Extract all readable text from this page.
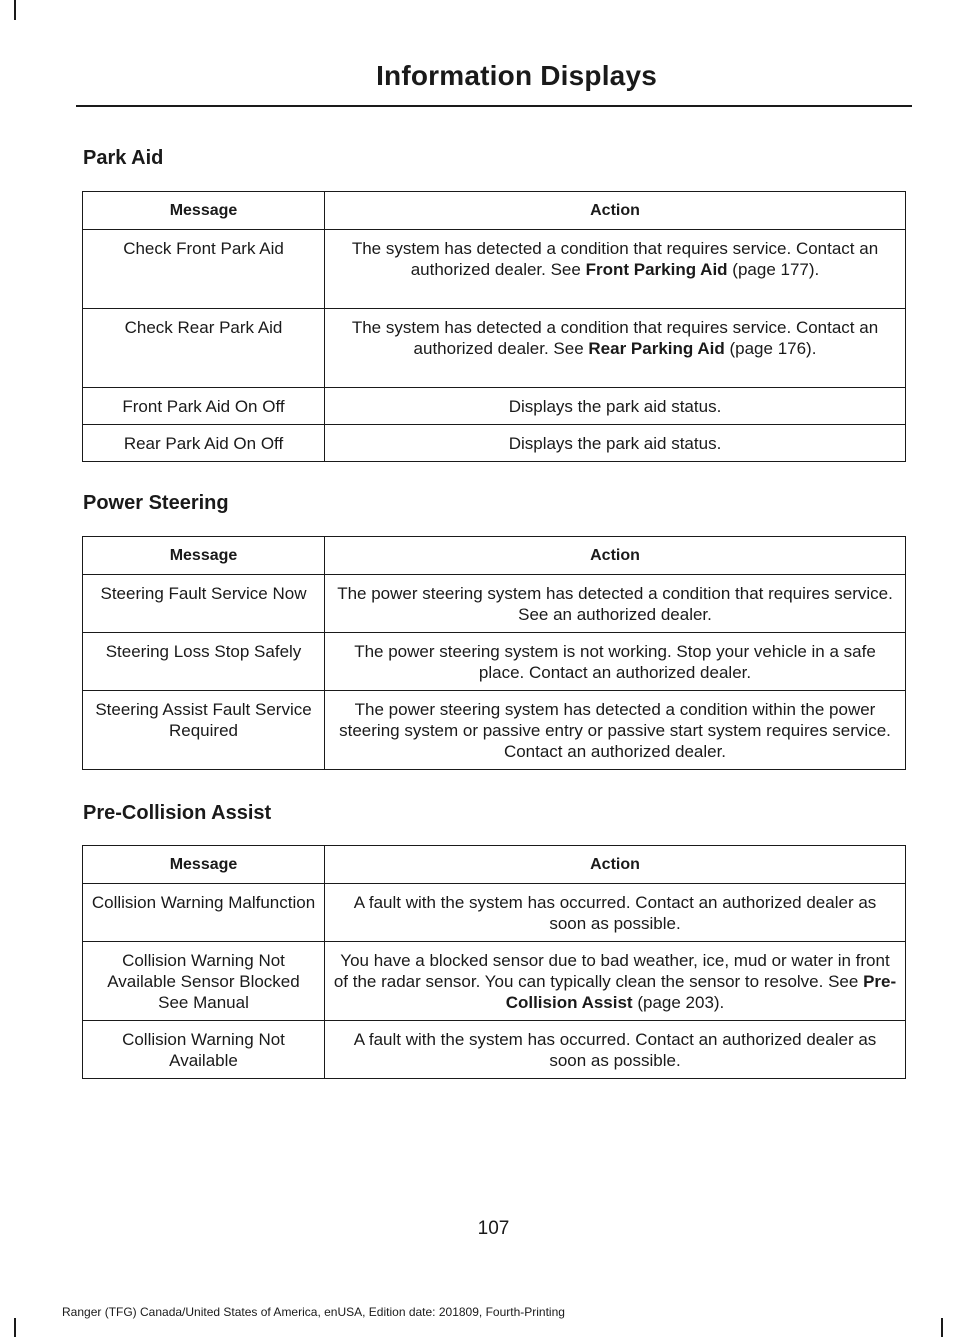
Information Displays
Park Aid
Message	Action
Check Front Park Aid	The system has detected a condition that requires service. Contact an authorized dealer. See Front Parking Aid (page 177).
Check Rear Park Aid	The system has detected a condition that requires service. Contact an authorized dealer. See Rear Parking Aid (page 176).
Front Park Aid On Off	Displays the park aid status.
Rear Park Aid On Off	Displays the park aid status.
Power Steering
Message	Action
Steering Fault Service Now	The power steering system has detected a condition that requires service. See an authorized dealer.
Steering Loss Stop Safely	The power steering system is not working. Stop your vehicle in a safe place. Contact an authorized dealer.
Steering Assist Fault Service Required	The power steering system has detected a condition within the power steering system or passive entry or passive start system requires service. Contact an authorized dealer.
Pre-Collision Assist
Message	Action
Collision Warning Malfunction	A fault with the system has occurred. Contact an authorized dealer as soon as possible.
Collision Warning Not Available Sensor Blocked See Manual	You have a blocked sensor due to bad weather, ice, mud or water in front of the radar sensor. You can typically clean the sensor to resolve. See Pre-Collision Assist (page 203).
Collision Warning Not Available	A fault with the system has occurred. Contact an authorized dealer as soon as possible.
107
Ranger (TFG) Canada/United States of America, enUSA, Edition date: 201809, Fourth-Printing
